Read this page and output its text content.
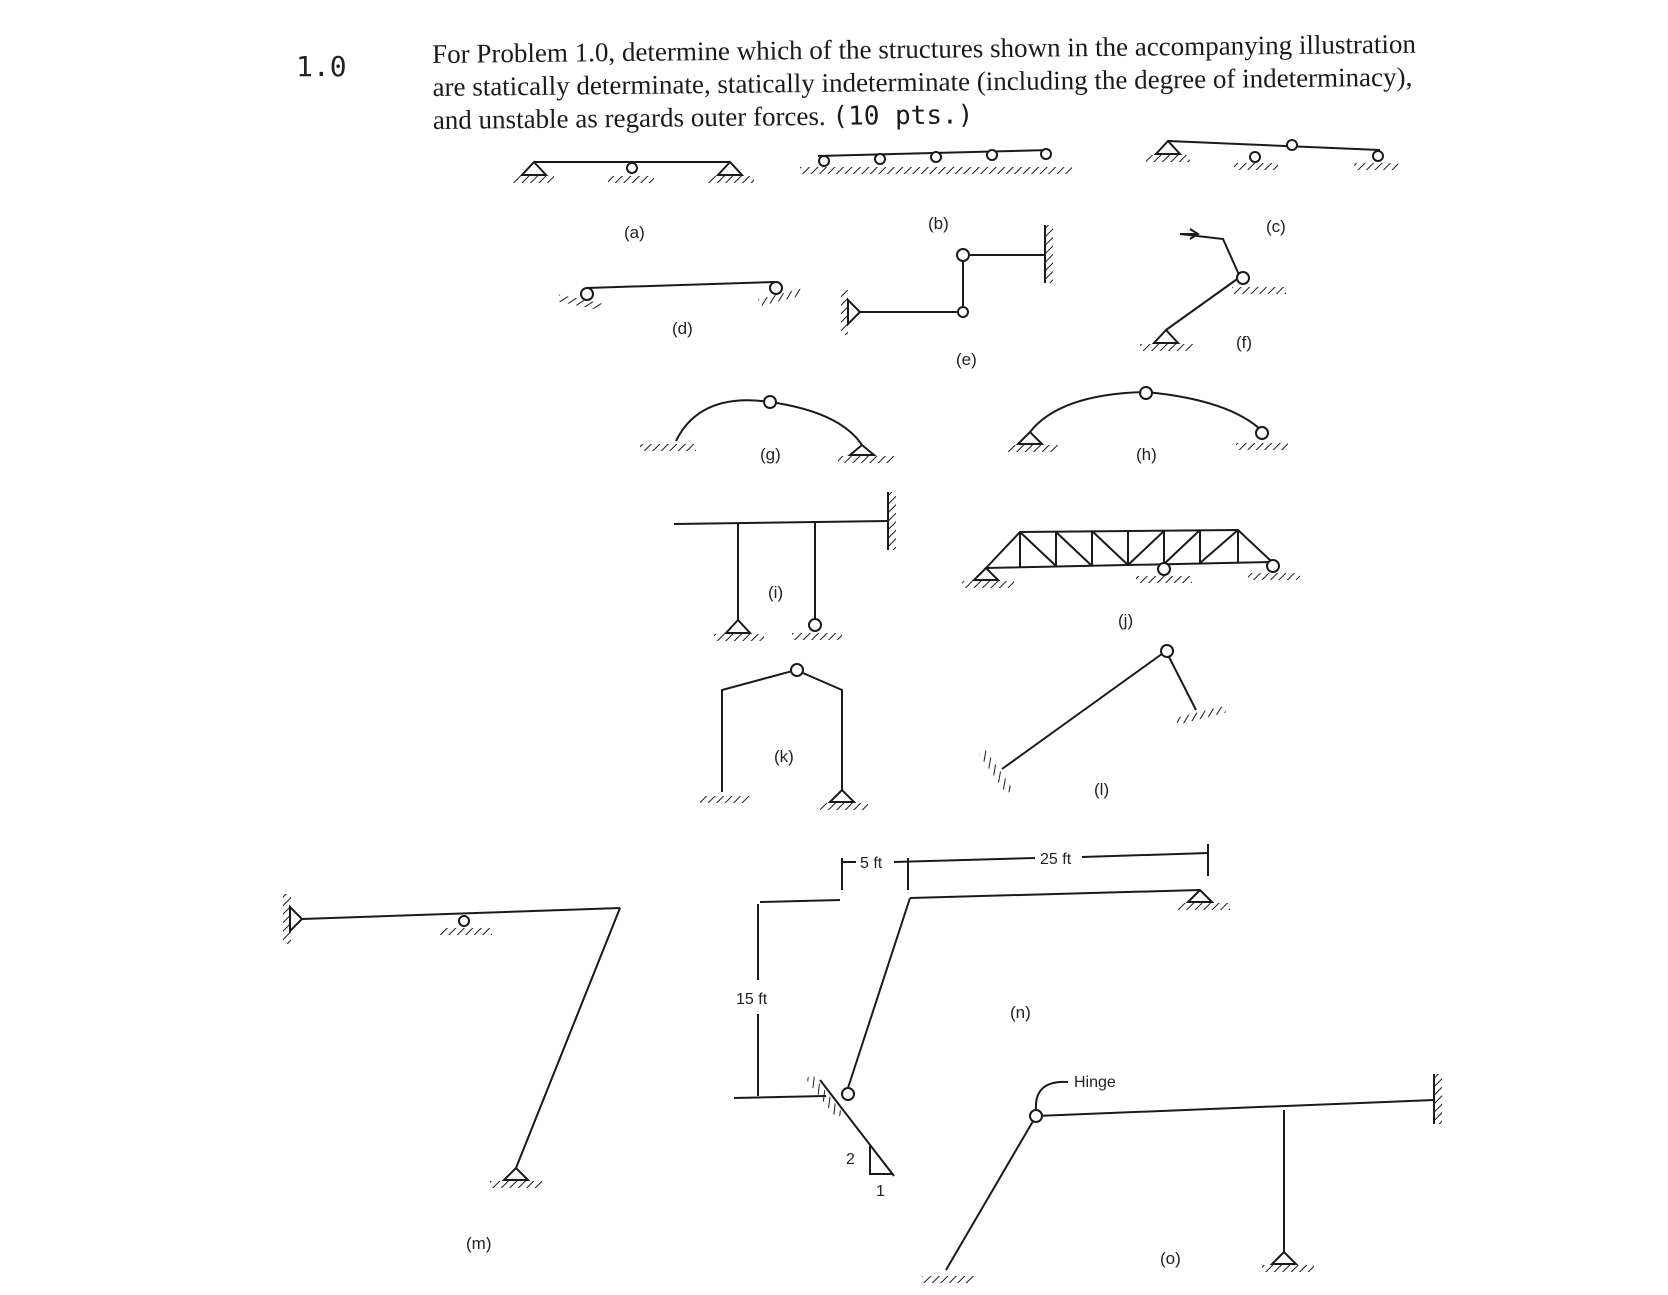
1.0	For Problem 1.0, determine which of the structures shown in the accompanying illustration are statically determinate, statically indeterminate (including the degree of indeterminacy), and unstable as regards outer forces. (10 pts.)
(a)	(b)	(c)
(d)
(e)
(f)
(g)	(h)
(i)
(j)
(k)
(l)
(m)
(n)
(o)
5 ft	25 ft
15 ft
2
1
Hinge
